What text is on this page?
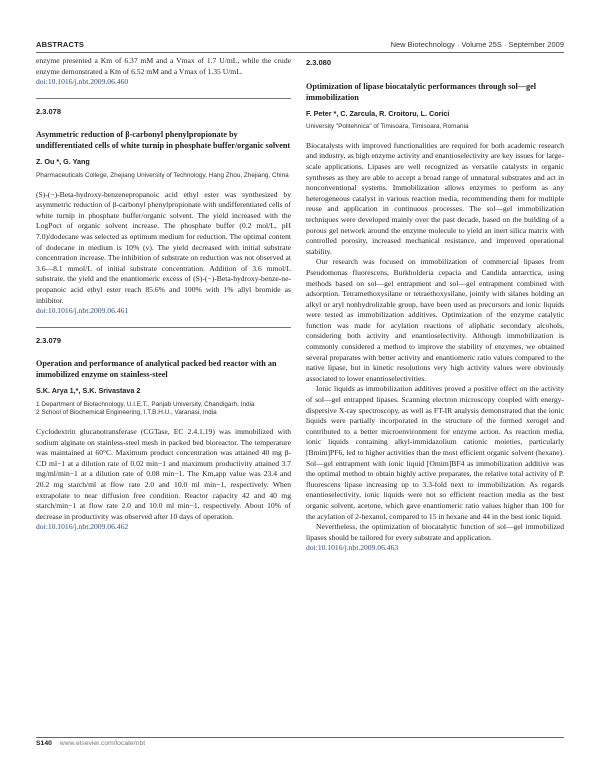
ABSTRACTS	New Biotechnology · Volume 25S · September 2009

enzyme presented a Km of 6.37 mM and a Vmax of 1.7 U/mL, while the crude enzyme demonstrated a Km of 6.52 mM and a Vmax of 1.35 U/mL.

doi:10.1016/j.nbt.2009.06.460

2.3.078
Asymmetric reduction of β-carbonyl phenylpropionate by undifferentiated cells of white turnip in phosphate buffer/organic solvent
Z. Ou *, G. Yang
Pharmaceuticals College, Zhejiang University of Technology, Hang Zhou, Zhejiang, China

(S)-(−)-Beta-hydroxy-benzenepropanoic acid ethyl ester was synthesized by asymmetric reduction of β-carbonyl phenylpropionate with undifferentiated cells of white turnip in phosphate buffer/organic solvent. The yield increased with the LogPoct of organic solvent increase. The phosphate buffer (0.2 mol/L, pH 7.0)/dodecane was selected as optimum medium for reduction. The optimal content of dodecane in medium is 10% (v). The yield decreased with initial substrate concentration increase. The inhibition of substrate on reduction was not observed at 3.6—8.1 mmol/L of initial substrate concentration. Addition of 3.6 mmol/L substrate, the yield and the enantiomeric excess of (S)-(−)-Beta-hydroxy-benze-ne-propanoic acid ethyl ester reach 85.6% and 100% with 1% allyl bromide as inhibitor.

doi:10.1016/j.nbt.2009.06.461

2.3.079
Operation and performance of analytical packed bed reactor with an immobilized enzyme on stainless-steel
S.K. Arya 1,*, S.K. Srivastava 2
1 Department of Biotechnology, U.I.E.T., Panjab University, Chandigarh, India
2 School of Biochemical Engineering, I.T.B.H.U., Varanasi, India

Cyclodextrin glucanotransferase (CGTase, EC 2.4.1.19) was immobilized with sodium alginate on stainless-steel mesh in packed bed bioreactor. The temperature was maintained at 60°C. Maximum product concentration was attained 40 mg β-CD ml−1 at a dilution rate of 0.02 min−1 and maximum productivity attained 3.7 mg/ml/min−1 at a dilution rate of 0.08 min−1. The Km,app value was 23.4 and 20.2 mg starch/ml at flow rate 2.0 and 10.0 ml min−1, respectively. When extrapolate to near diffusion free condition. Reactor capacity 42 and 40 mg starch/min−1 at flow rate 2.0 and 10.0 ml min−1, respectively. About 10% of decrease in productivity was observed after 10 days of operation.

doi:10.1016/j.nbt.2009.06.462

2.3.080
Optimization of lipase biocatalytic performances through sol—gel immobilization
F. Peter *, C. Zarcula, R. Croitoru, L. Corici
University "Politehnica" of Timisoara, Timisoara, Romania

Biocatalysts with improved functionalities are required for both academic research and industry, as high enzyme activity and enantioselectivity are key issues for large-scale applications. Lipases are well recognized as versatile catalysts in organic syntheses as they are able to accept a broad range of unnatural substrates and act in nonconventional systems. Immobilization allows enzymes to perform as any heterogeneous catalyst in various reaction media, recommending them for multiple reuse and application in continuous processes. The sol—gel immobilization techniques were developed mainly over the past decade, based on the building of a porous gel network around the enzyme molecule to yield an inert silica matrix with controlled porosity, increased mechanical resistance, and improved operational stability.

Our research was focused on immobilization of commercial lipases from Pseudomonas fluorescens, Burkholderia cepacia and Candida antarctica, using methods based on sol—gel entrapment and sol—gel entrapment combined with adsorption. Tetramethoxysilane or tetraethoxysilane, jointly with silanes holding an alkyl or aryl nonhydrolizable group, have been used as precursors and ionic liquids were tested as immobilization additives. Optimization of the enzyme catalytic function was made for acylation reactions of aliphatic secondary alcohols, considering both activity and enantioselectivity. Although immobilization is commonly considered a method to improve the stability of enzymes, we obtained several preparates with better activity and enantiomeric ratio values compared to the native lipase, but in kinetic resolutions very high activity values were obviously associated to lower enantioselectivities.

Ionic liquids as immobilization additives proved a positive effect on the activity of sol—gel entrapped lipases. Scanning electron microscopy coupled with energy-dispersive X-ray spectroscopy, as well as FT-IR analysis demonstrated that the ionic liquids were partially incorporated in the structure of the formed xerogel and contributed to a better microenvironment for enzyme action. As reaction media, ionic liquids containing alkyl-immidazolium cationic moieties, particularly [Bmim]PF6, led to higher activities than the most efficient organic solvent (hexane). Sol—gel entrapment with ionic liquid [Omim]BF4 as immobilization additive was the optimal method to obtain highly active preparates, the relative total activity of P. fluorescens lipase increasing up to 3.3-fold next to immobilization. As regards enantioselectivity, ionic liquids were not so efficient reaction media as the best organic solvent, acetone, which gave enantiomeric ratio values higher than 100 for the acylation of 2-hexanol, compared to 15 in hexane and 44 in the best ionic liquid.

Nevertheless, the optimization of biocatalytic function of sol—gel immobilized lipases should be tailored for every substrate and application.

doi:10.1016/j.nbt.2009.06.463

S140 www.elsevier.com/locate/nbt
